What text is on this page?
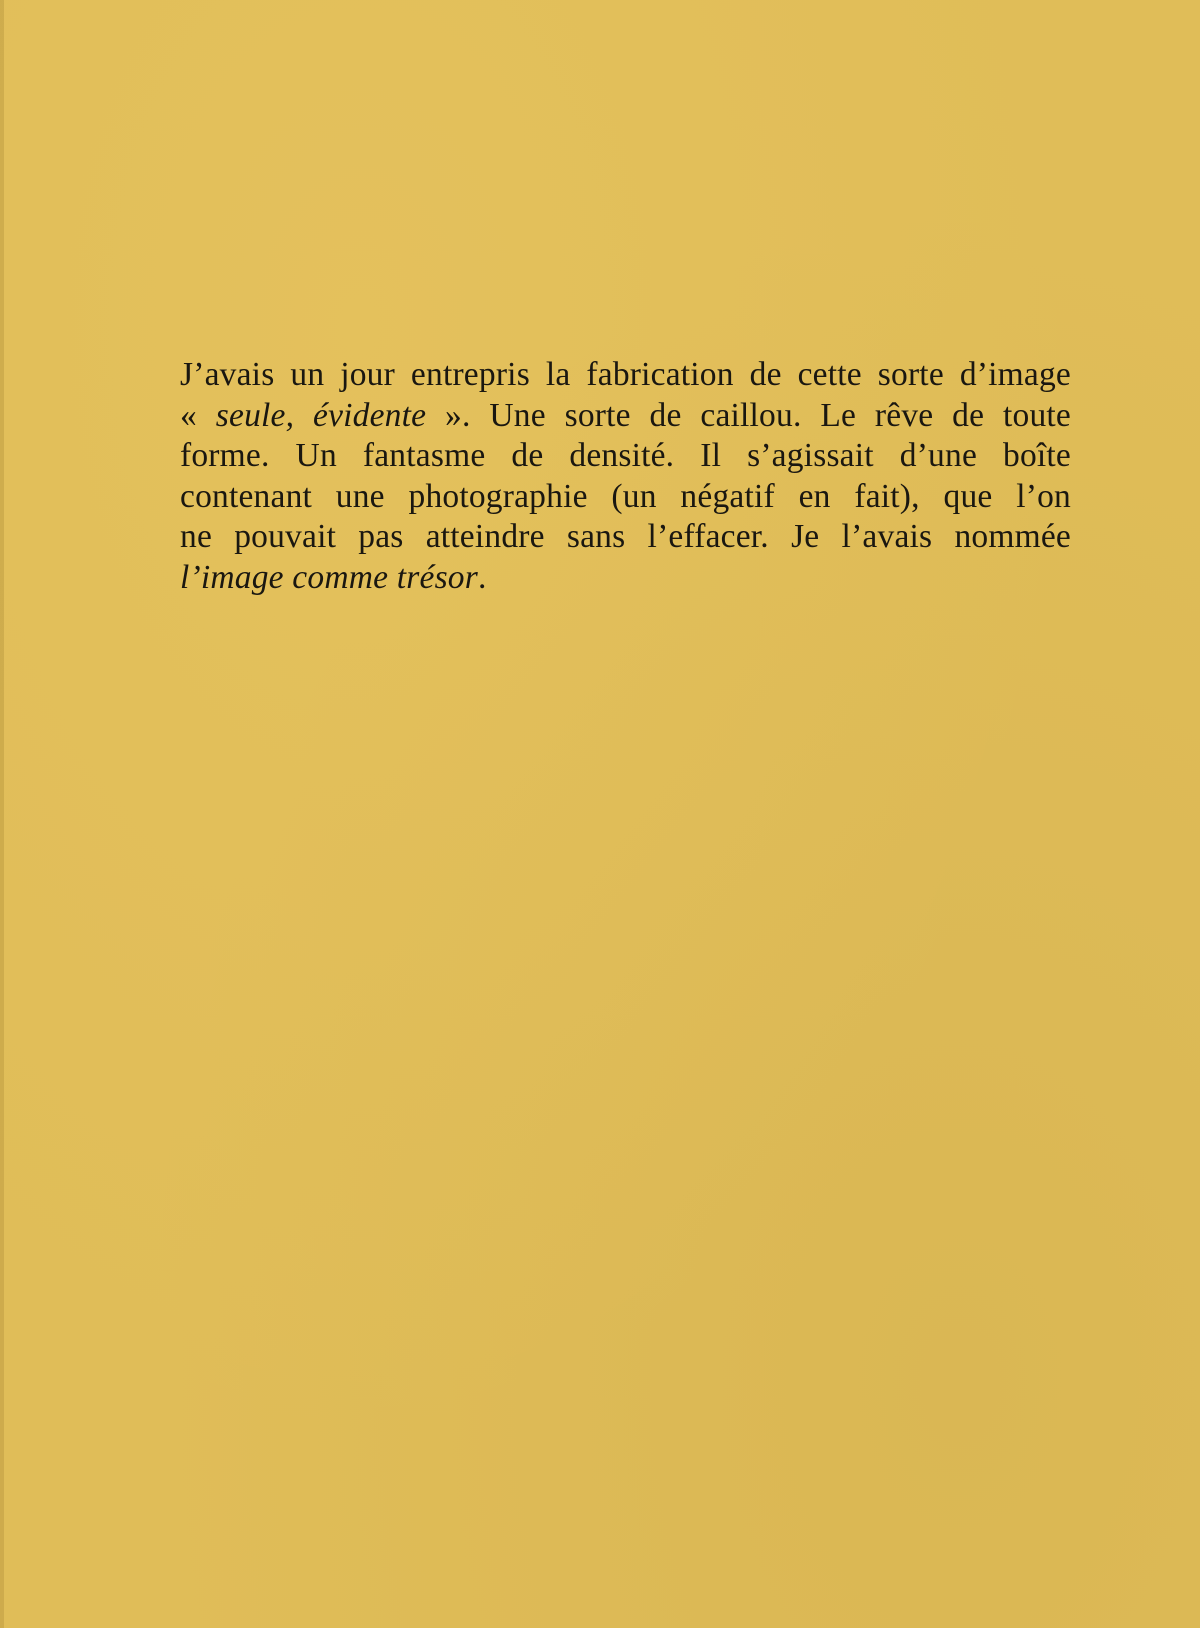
J’avais un jour entrepris la fabrication de cette sorte d’image
« seule, évidente ». Une sorte de caillou. Le rêve de toute
forme. Un fantasme de densité. Il s’agissait d’une boîte
contenant une photographie (un négatif en fait), que l’on
ne pouvait pas atteindre sans l’effacer. Je l’avais nommée
l’image comme trésor.
